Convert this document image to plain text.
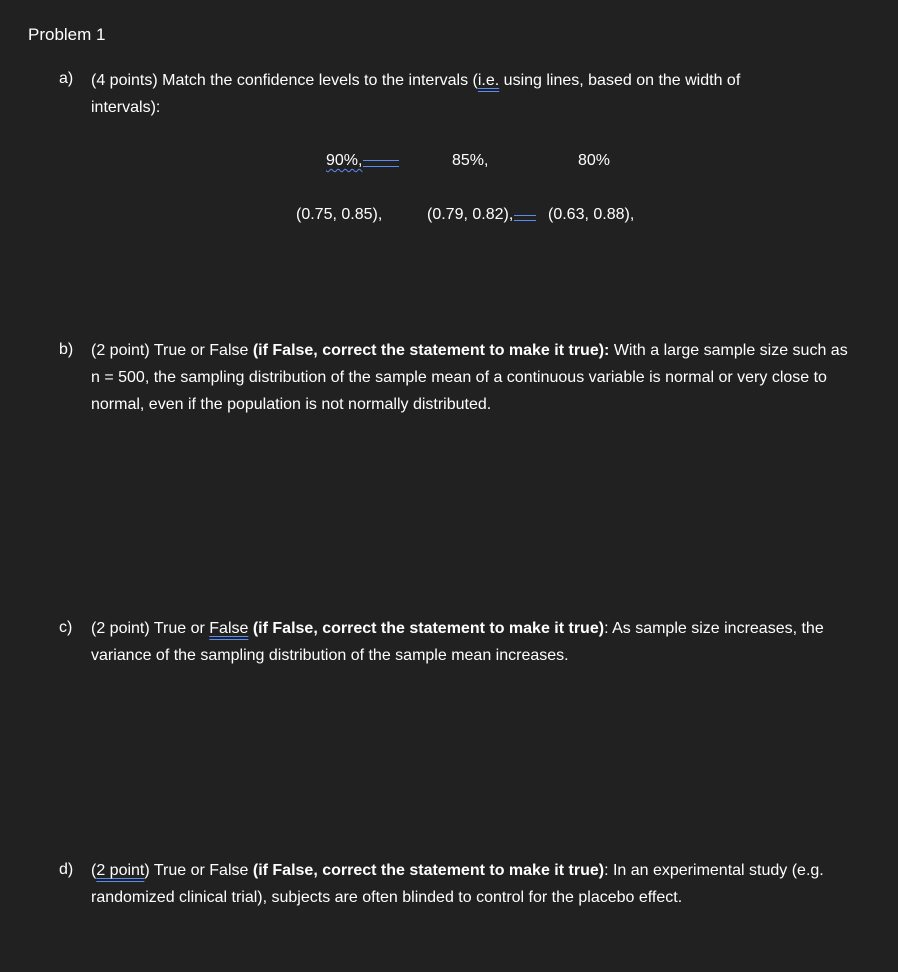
Problem 1
a) (4 points) Match the confidence levels to the intervals (i.e. using lines, based on the width of
intervals):
90%,	85%,	80%
(0.75, 0.85),	(0.79, 0.82),	(0.63, 0.88),
b) (2 point) True or False (if False, correct the statement to make it true): With a large sample size such as n = 500, the sampling distribution of the sample mean of a continuous variable is normal or very close to normal, even if the population is not normally distributed.
c) (2 point) True or False (if False, correct the statement to make it true): As sample size increases, the variance of the sampling distribution of the sample mean increases.
d) (2 point) True or False (if False, correct the statement to make it true): In an experimental study (e.g. randomized clinical trial), subjects are often blinded to control for the placebo effect.
